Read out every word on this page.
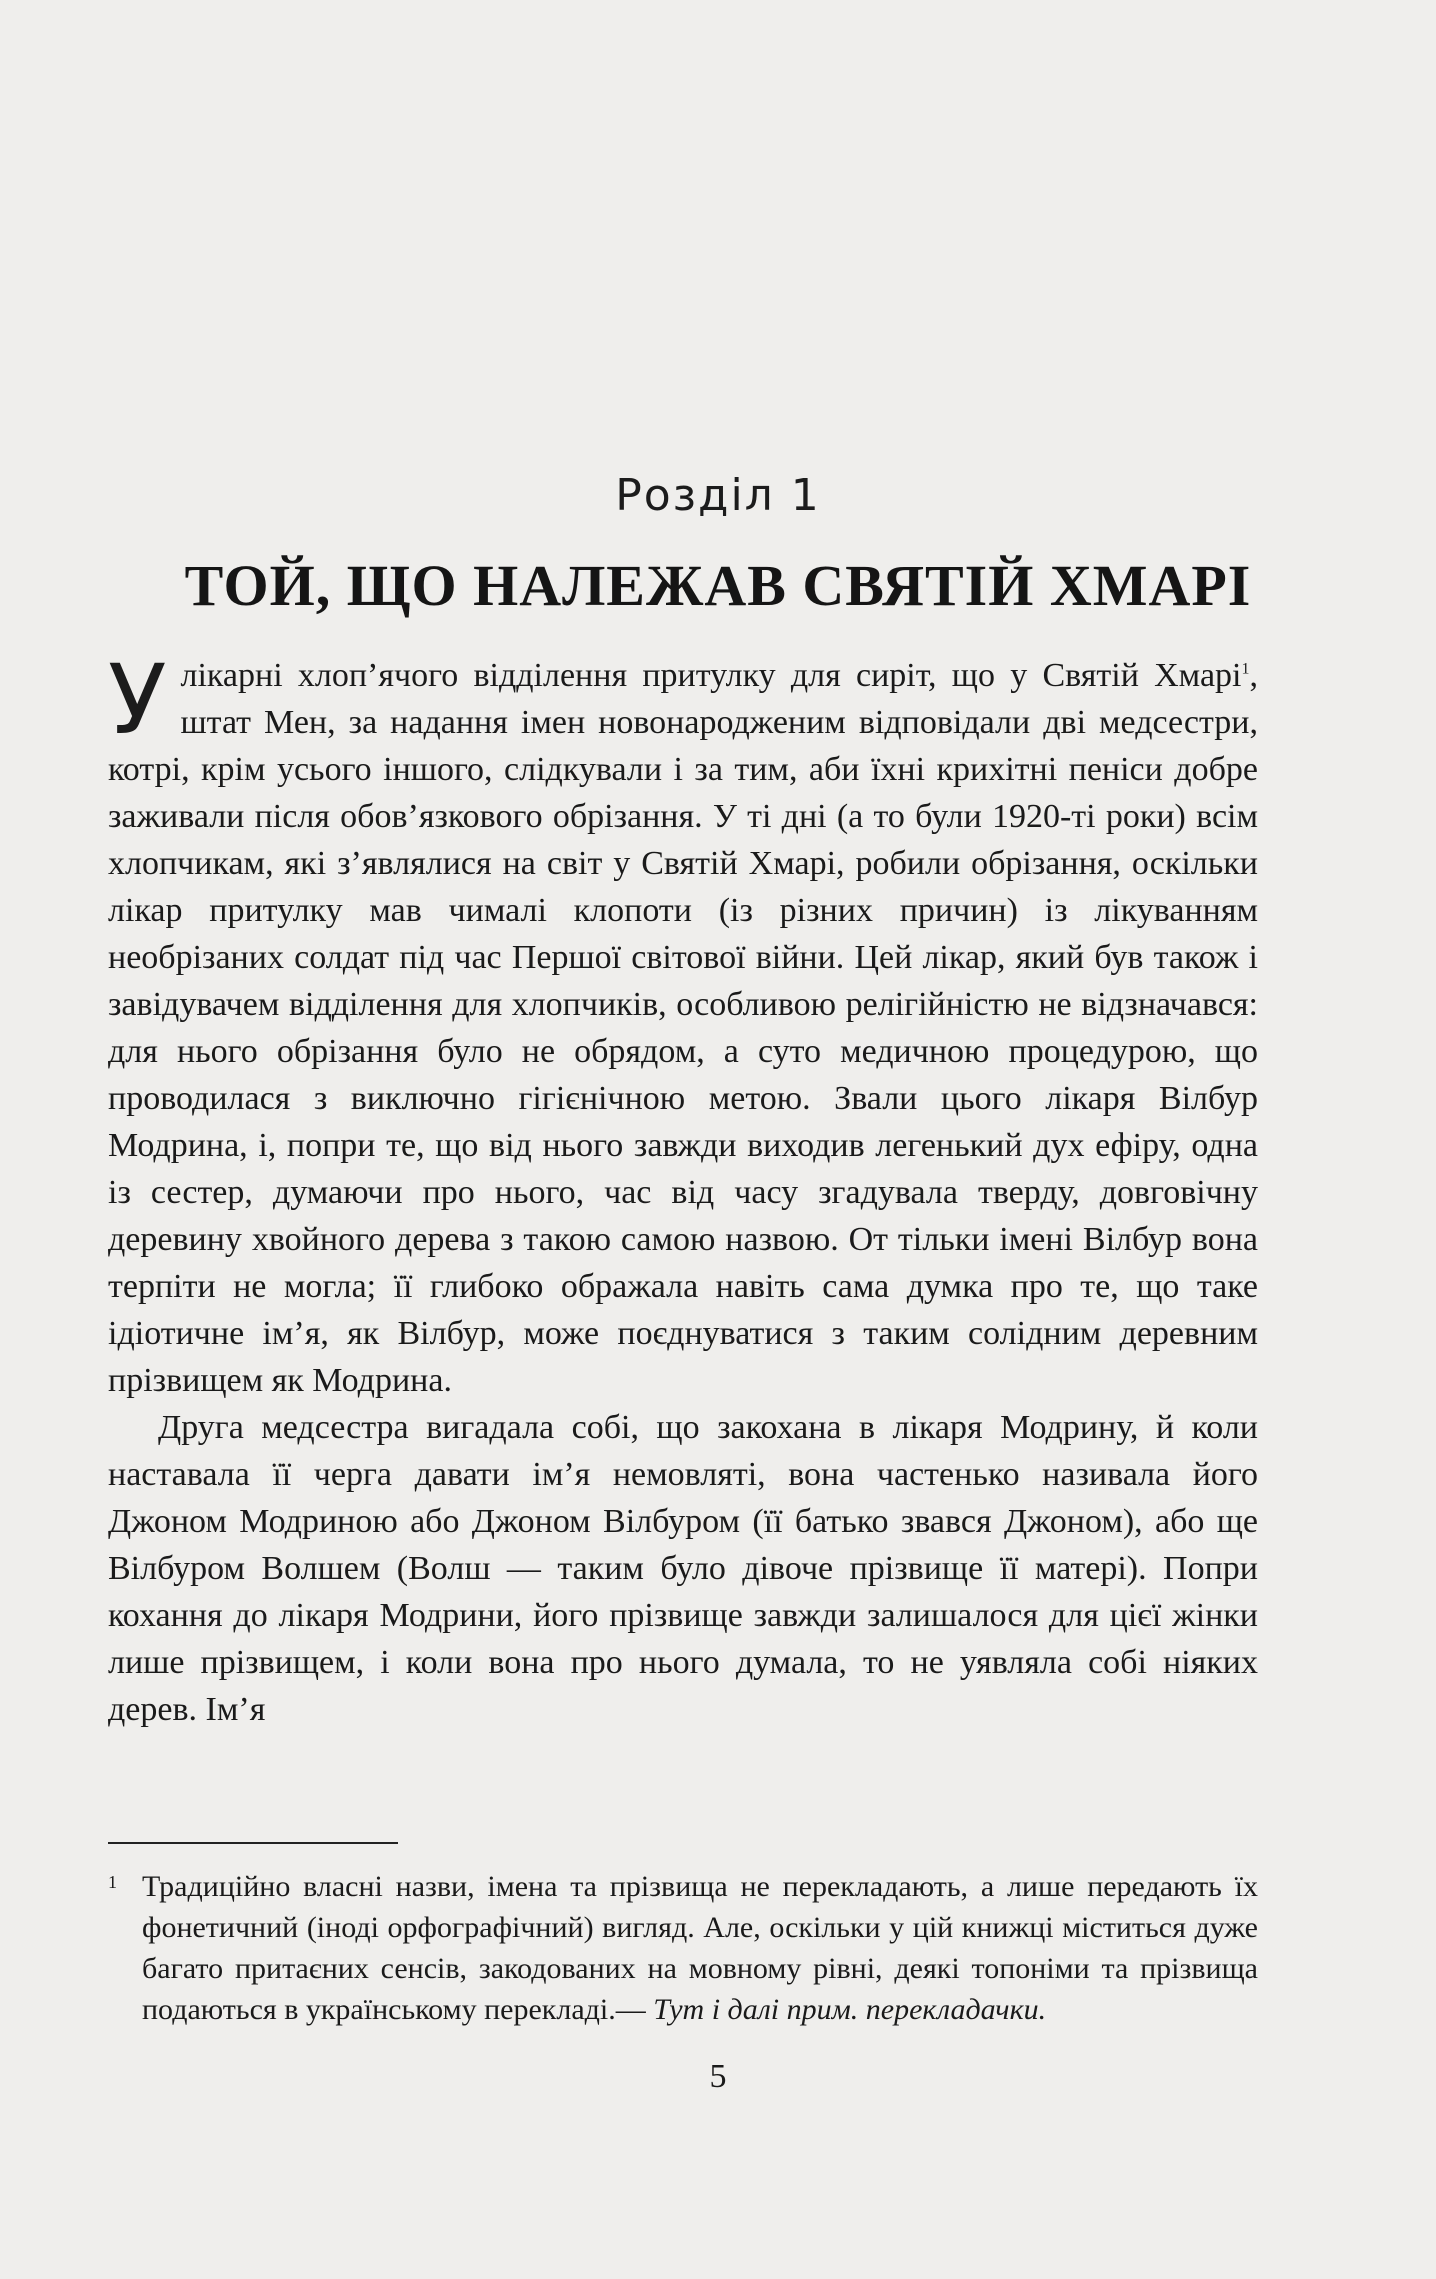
Розділ 1
ТОЙ, ЩО НАЛЕЖАВ СВЯТІЙ ХМАРІ

Улікарні хлоп’ячого відділення притулку для сиріт, що у Святій Хмарі$^1$, штат Мен, за надання імен новонародженим відповідали дві медсестри, котрі, крім усього іншого, слідкували і за тим, аби їхні крихітні пеніси добре заживали після обов’язкового обрізання. У ті дні (а то були 1920-ті роки) всім хлопчикам, які з’являлися на світ у Святій Хмарі, робили обрізання, оскільки лікар притулку мав чималі клопоти (із різних причин) із лікуванням необрізаних солдат під час Першої світової війни. Цей лікар, який був також і завідувачем відділення для хлопчиків, особливою релігійністю не відзначався: для нього обрізання було не обрядом, а суто медичною процедурою, що проводилася з виключно гігієнічною метою. Звали цього лікаря Вілбур Модрина, і, попри те, що від нього завжди виходив легенький дух ефіру, одна із сестер, думаючи про нього, час від часу згадувала тверду, довговічну деревину хвойного дерева з такою самою назвою. От тільки імені Вілбур вона терпіти не могла; її глибоко ображала навіть сама думка про те, що таке ідіотичне ім’я, як Вілбур, може поєднуватися з таким солідним деревним прізвищем як Модрина.

Друга медсестра вигадала собі, що закохана в лікаря Модрину, й коли наставала її черга давати ім’я немовляті, вона частенько називала його Джоном Модриною або Джоном Вілбуром (її батько звався Джоном), або ще Вілбуром Волшем (Волш — таким було дівоче прізвище її матері). Попри кохання до лікаря Модрини, його прізвище завжди залишалося для цієї жінки лише прізвищем, і коли вона про нього думала, то не уявляла собі ніяких дерев. Ім’я

1 Традиційно власні назви, імена та прізвища не перекладають, а лише передають їх фонетичний (іноді орфографічний) вигляд. Але, оскільки у цій книжці міститься дуже багато притаєних сенсів, закодованих на мовному рівні, деякі топоніми та прізвища подаються в українському перекладі.— Тут і далі прим. перекладачки.
5
